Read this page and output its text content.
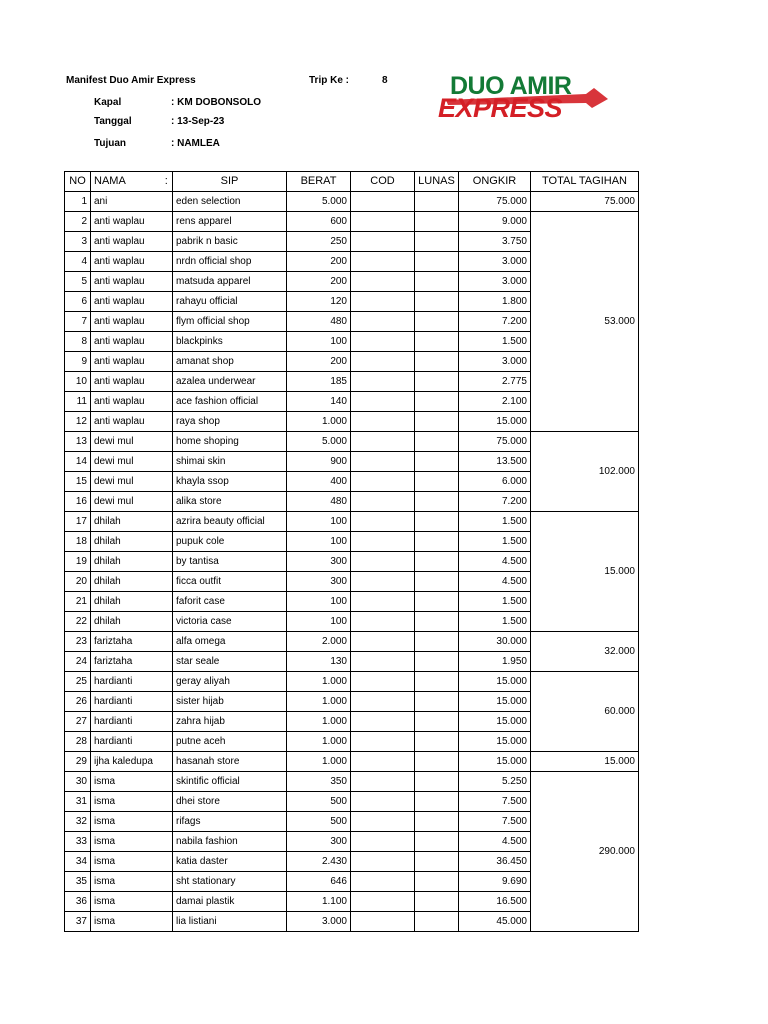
Manifest Duo Amir Express	Trip Ke :	8
Kapal	: KM DOBONSOLO
Tanggal	: 13-Sep-23
Tujuan	: NAMLEA
DUO AMIR
EXPRESS
NO	NAMA	:	SIP	BERAT	COD	LUNAS	ONGKIR	TOTAL TAGIHAN
1	ani		eden selection	5.000			75.000	75.000
2	anti waplau		rens apparel	600			9.000	53.000
3	anti waplau		pabrik n basic	250			3.750	
4	anti waplau		nrdn official shop	200			3.000	
5	anti waplau		matsuda apparel	200			3.000	
6	anti waplau		rahayu official	120			1.800	
7	anti waplau		flym official shop	480			7.200	
8	anti waplau		blackpinks	100			1.500	
9	anti waplau		amanat shop	200			3.000	
10	anti waplau		azalea underwear	185			2.775	
11	anti waplau		ace fashion official	140			2.100	
12	anti waplau		raya shop	1.000			15.000	
13	dewi mul		home shoping	5.000			75.000	102.000
14	dewi mul		shimai skin	900			13.500	
15	dewi mul		khayla ssop	400			6.000	
16	dewi mul		alika store	480			7.200	
17	dhilah		azrira beauty official	100			1.500	15.000
18	dhilah		pupuk cole	100			1.500	
19	dhilah		by tantisa	300			4.500	
20	dhilah		ficca outfit	300			4.500	
21	dhilah		faforit case	100			1.500	
22	dhilah		victoria case	100			1.500	
23	fariztaha		alfa omega	2.000			30.000	32.000
24	fariztaha		star seale	130			1.950	
25	hardianti		geray aliyah	1.000			15.000	60.000
26	hardianti		sister hijab	1.000			15.000	
27	hardianti		zahra hijab	1.000			15.000	
28	hardianti		putne aceh	1.000			15.000	
29	ijha kaledupa		hasanah store	1.000			15.000	15.000
30	isma		skintific official	350			5.250	290.000
31	isma		dhei store	500			7.500	
32	isma		rifags	500			7.500	
33	isma		nabila fashion	300			4.500	
34	isma		katia daster	2.430			36.450	
35	isma		sht stationary	646			9.690	
36	isma		damai plastik	1.100			16.500	
37	isma		lia listiani	3.000			45.000	
